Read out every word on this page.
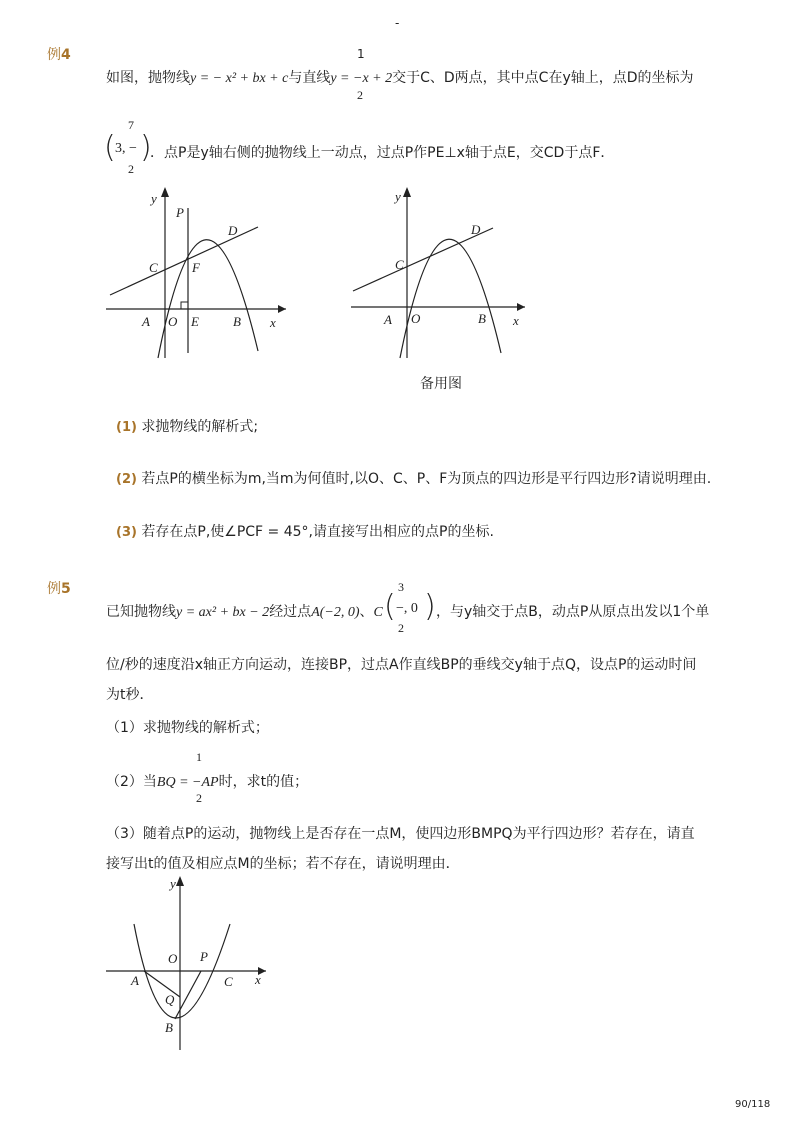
-
例4	1
如图，抛物线y = − x² + bx + c与直线y = −x + 2交于C、D两点，其中点C在y轴上，点D的坐标为
2
7
( 3, − )
2
．点P是y轴右侧的抛物线上一动点，过点P作PE⊥x轴于点E，交CD于点F．
y
P
D
C	F
A O E	B x
y
D
C
A O	B x
备用图
(1) 求抛物线的解析式;
(2) 若点P的横坐标为m,当m为何值时,以O、C、P、F为顶点的四边形是平行四边形?请说明理由.
(3) 若存在点P,使∠PCF = 45°,请直接写出相应的点P的坐标.
例5	3
已知抛物线y = ax² + bx − 2经过点A(−2, 0)、C ( −, 0 ) ，与y轴交于点B，动点P从原点出发以1个单
2
位/秒的速度沿x轴正方向运动，连接BP，过点A作直线BP的垂线交y轴于点Q，设点P的运动时间
为t秒．
（1）求抛物线的解析式；
1
（2）当BQ = −AP时，求t的值；
2
（3）随着点P的运动，抛物线上是否存在一点M，使四边形BMPQ为平行四边形？若存在，请直
接写出t的值及相应点M的坐标；若不存在，请说明理由．
y
O P
A	C x
Q
B
90/118
